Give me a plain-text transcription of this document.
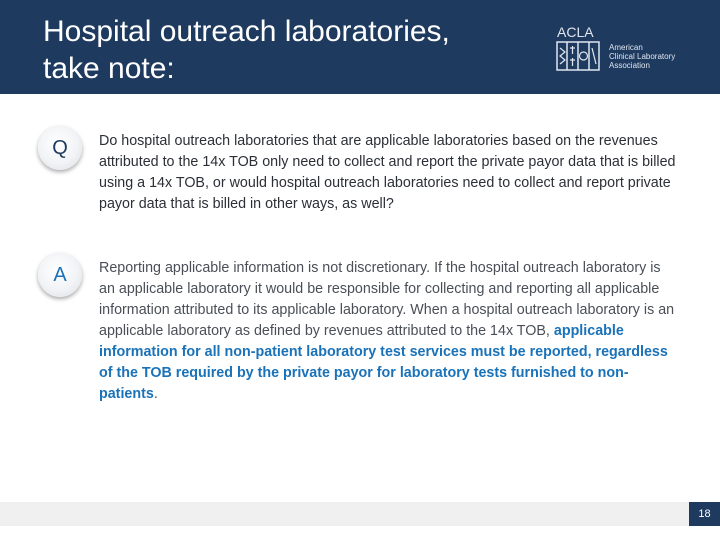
Hospital outreach laboratories,
take note:
ACLA
American
Clinical Laboratory
Association
Q Do hospital outreach laboratories that are applicable laboratories based on the revenues attributed to the 14x TOB only need to collect and report the private payor data that is billed using a 14x TOB, or would hospital outreach laboratories need to collect and report private payor data that is billed in other ways, as well?
A Reporting applicable information is not discretionary. If the hospital outreach laboratory is an applicable laboratory it would be responsible for collecting and reporting all applicable information attributed to its applicable laboratory. When a hospital outreach laboratory is an applicable laboratory as defined by revenues attributed to the 14x TOB, applicable information for all non-patient laboratory test services must be reported, regardless of the TOB required by the private payor for laboratory tests furnished to non-patients.
18
